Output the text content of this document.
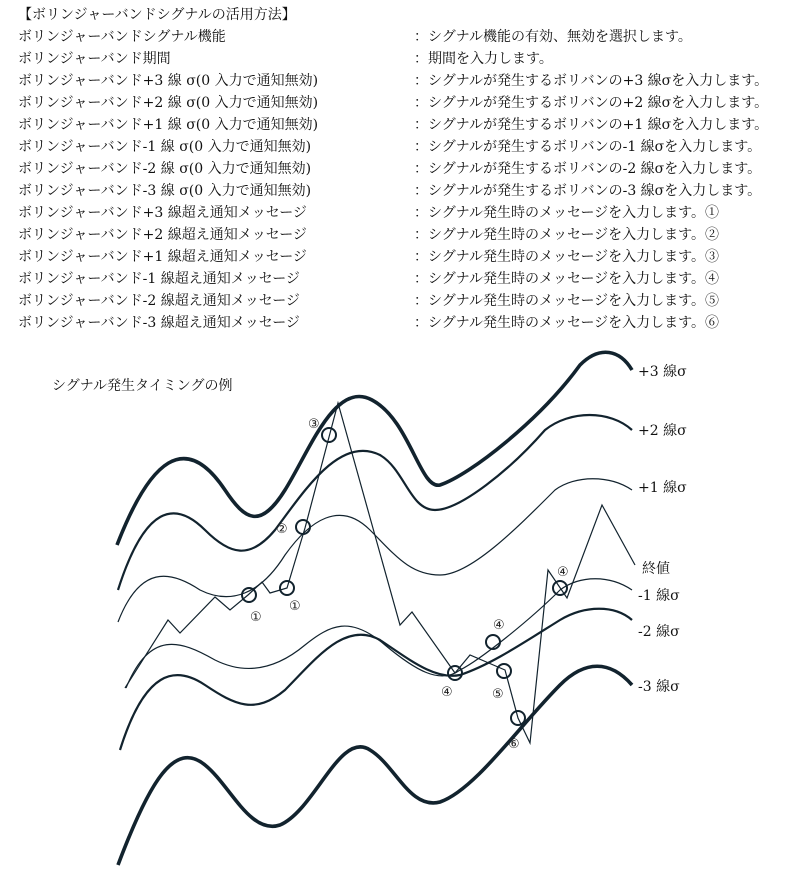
【ボリンジャーバンドシグナルの活用方法】
ボリンジャーバンドシグナル機能	：シグナル機能の有効、無効を選択します。
ボリンジャーバンド期間	：期間を入力します。
ボリンジャーバンド+3 線 σ(0 入力で通知無効)	：シグナルが発生するボリバンの+3 線σを入力します。
ボリンジャーバンド+2 線 σ(0 入力で通知無効)	：シグナルが発生するボリバンの+2 線σを入力します。
ボリンジャーバンド+1 線 σ(0 入力で通知無効)	：シグナルが発生するボリバンの+1 線σを入力します。
ボリンジャーバンド-1 線 σ(0 入力で通知無効)	：シグナルが発生するボリバンの-1 線σを入力します。
ボリンジャーバンド-2 線 σ(0 入力で通知無効)	：シグナルが発生するボリバンの-2 線σを入力します。
ボリンジャーバンド-3 線 σ(0 入力で通知無効)	：シグナルが発生するボリバンの-3 線σを入力します。
ボリンジャーバンド+3 線超え通知メッセージ	：シグナル発生時のメッセージを入力します。①
ボリンジャーバンド+2 線超え通知メッセージ	：シグナル発生時のメッセージを入力します。②
ボリンジャーバンド+1 線超え通知メッセージ	：シグナル発生時のメッセージを入力します。③
ボリンジャーバンド-1 線超え通知メッセージ	：シグナル発生時のメッセージを入力します。④
ボリンジャーバンド-2 線超え通知メッセージ	：シグナル発生時のメッセージを入力します。⑤
ボリンジャーバンド-3 線超え通知メッセージ	：シグナル発生時のメッセージを入力します。⑥
シグナル発生タイミングの例
③
②
①
①
④
④
⑤
⑥
④
+3 線σ
+2 線σ
+1 線σ
終値
-1 線σ
-2 線σ
-3 線σ
